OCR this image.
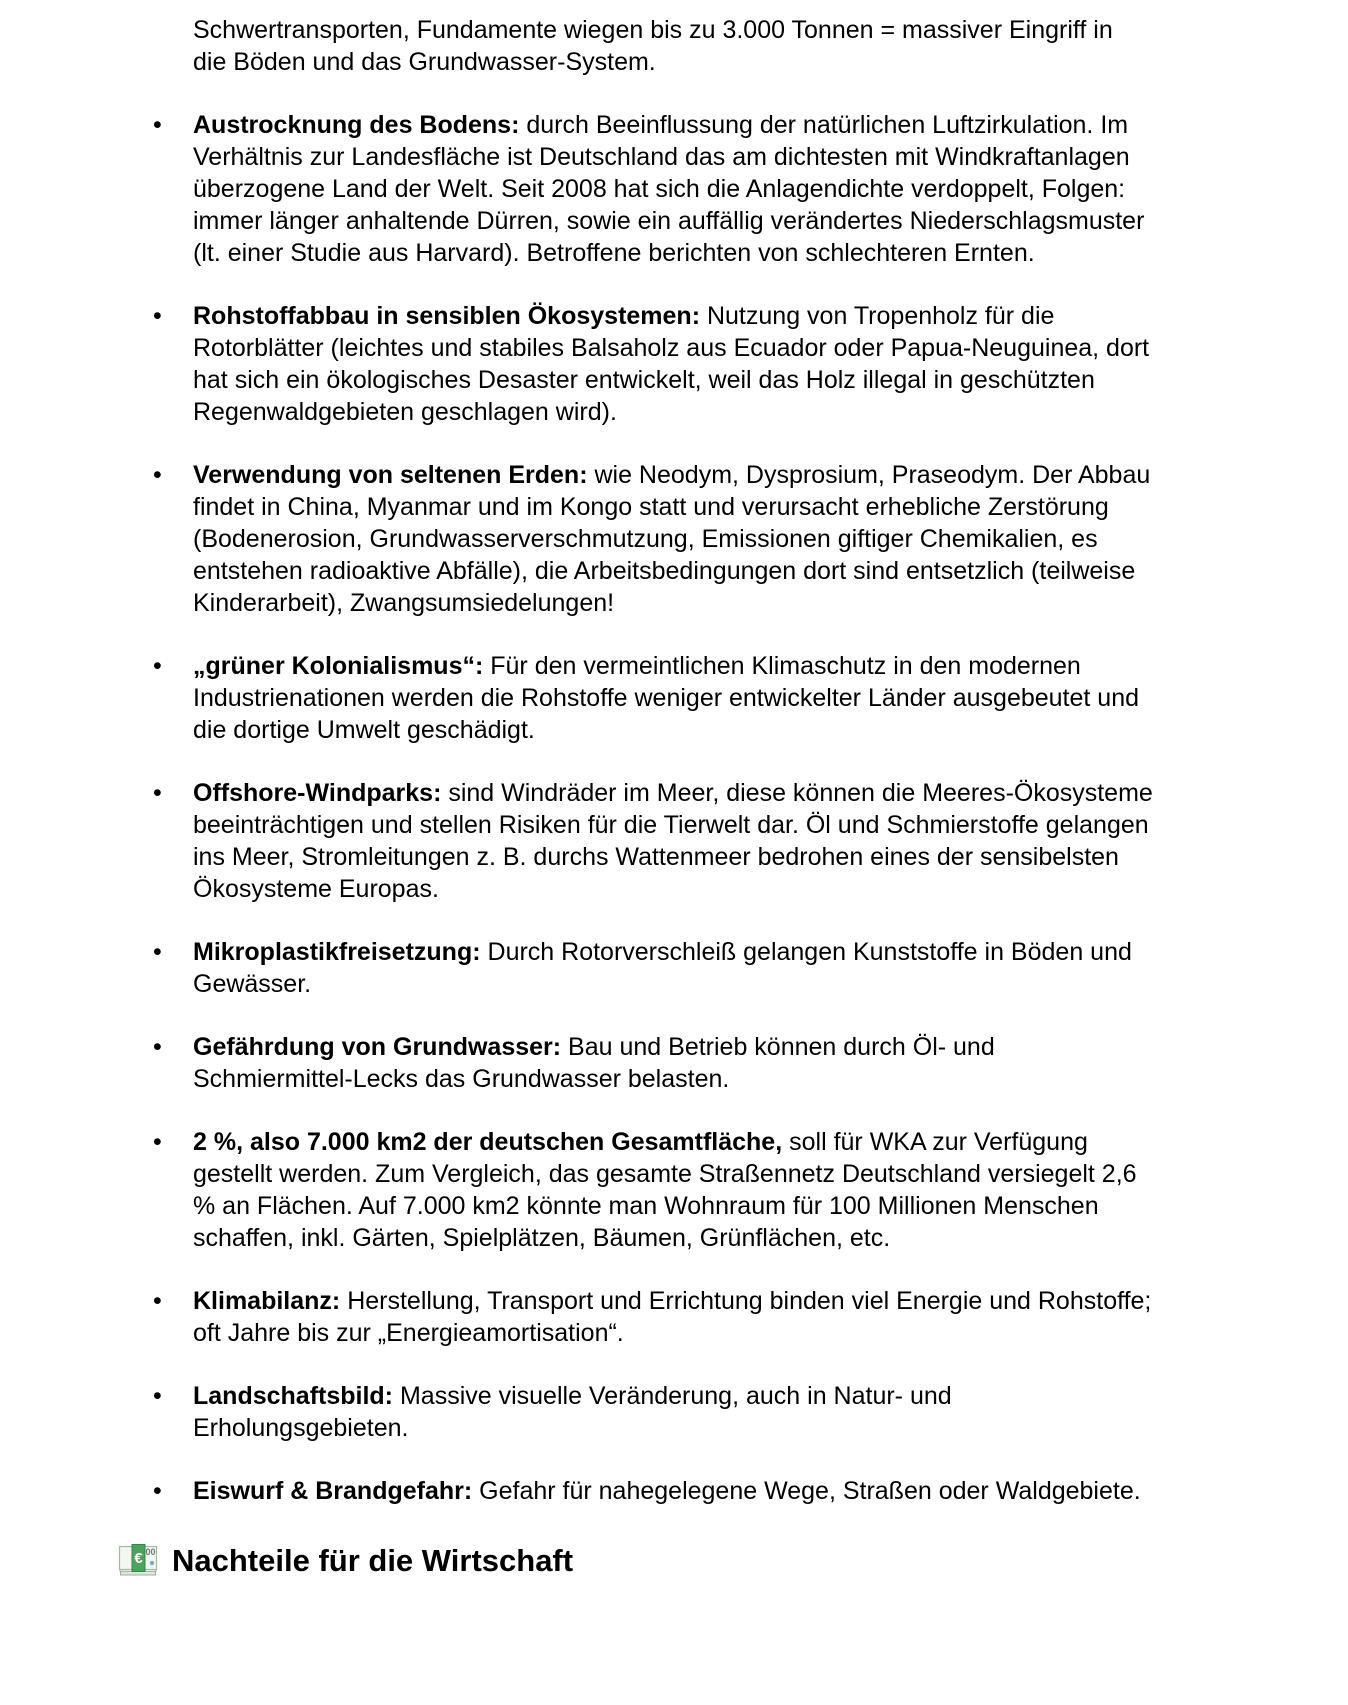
Schwertransporten, Fundamente wiegen bis zu 3.000 Tonnen = massiver Eingriff in die Böden und das Grundwasser-System.

• Austrocknung des Bodens: durch Beeinflussung der natürlichen Luftzirkulation. Im Verhältnis zur Landesfläche ist Deutschland das am dichtesten mit Windkraftanlagen überzogene Land der Welt. Seit 2008 hat sich die Anlagendichte verdoppelt, Folgen: immer länger anhaltende Dürren, sowie ein auffällig verändertes Niederschlagsmuster (lt. einer Studie aus Harvard). Betroffene berichten von schlechteren Ernten.
• Rohstoffabbau in sensiblen Ökosystemen: Nutzung von Tropenholz für die Rotorblätter (leichtes und stabiles Balsaholz aus Ecuador oder Papua-Neuguinea, dort hat sich ein ökologisches Desaster entwickelt, weil das Holz illegal in geschützten Regenwaldgebieten geschlagen wird).
• Verwendung von seltenen Erden: wie Neodym, Dysprosium, Praseodym. Der Abbau findet in China, Myanmar und im Kongo statt und verursacht erhebliche Zerstörung (Bodenerosion, Grundwasserverschmutzung, Emissionen giftiger Chemikalien, es entstehen radioaktive Abfälle), die Arbeitsbedingungen dort sind entsetzlich (teilweise Kinderarbeit), Zwangsumsiedelungen!
• „grüner Kolonialismus“: Für den vermeintlichen Klimaschutz in den modernen Industrienationen werden die Rohstoffe weniger entwickelter Länder ausgebeutet und die dortige Umwelt geschädigt.
• Offshore-Windparks: sind Windräder im Meer, diese können die Meeres-Ökosysteme beeinträchtigen und stellen Risiken für die Tierwelt dar. Öl und Schmierstoffe gelangen ins Meer, Stromleitungen z. B. durchs Wattenmeer bedrohen eines der sensibelsten Ökosysteme Europas.
• Mikroplastikfreisetzung: Durch Rotorverschleiß gelangen Kunststoffe in Böden und Gewässer.
• Gefährdung von Grundwasser: Bau und Betrieb können durch Öl- und Schmiermittel-Lecks das Grundwasser belasten.
• 2 %, also 7.000 km2 der deutschen Gesamtfläche, soll für WKA zur Verfügung gestellt werden. Zum Vergleich, das gesamte Straßennetz Deutschland versiegelt 2,6 % an Flächen. Auf 7.000 km2 könnte man Wohnraum für 100 Millionen Menschen schaffen, inkl. Gärten, Spielplätzen, Bäumen, Grünflächen, etc.
• Klimabilanz: Herstellung, Transport und Errichtung binden viel Energie und Rohstoffe; oft Jahre bis zur „Energieamortisation“.
• Landschaftsbild: Massive visuelle Veränderung, auch in Natur- und Erholungsgebieten.
• Eiswurf & Brandgefahr: Gefahr für nahegelegene Wege, Straßen oder Waldgebiete.
€ 00 Nachteile für die Wirtschaft
